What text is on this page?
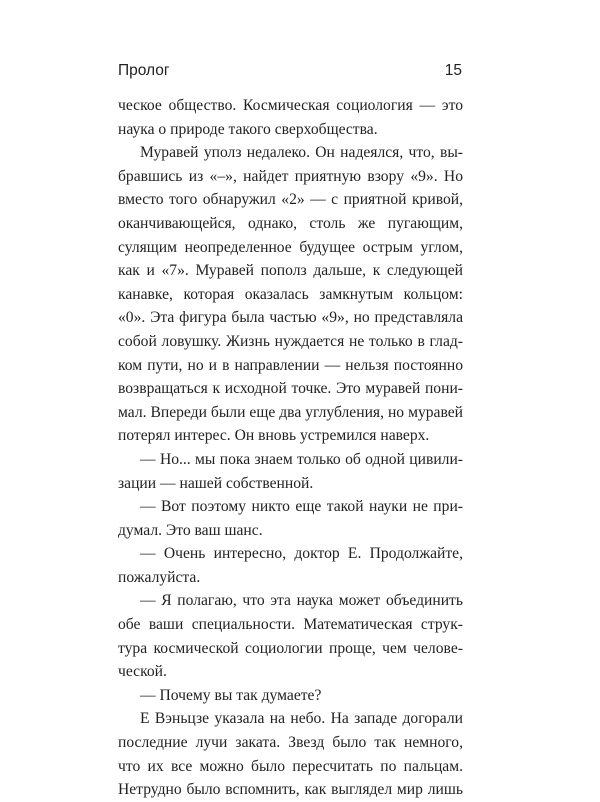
Пролог	15
ческое общество. Космическая социология — это
наука о природе такого сверхобщества.
Муравей уполз недалеко. Он надеялся, что, вы-
бравшись из «–», найдет приятную взору «9». Но
вместо того обнаружил «2» — с приятной кривой,
оканчивающейся, однако, столь же пугающим,
сулящим неопределенное будущее острым углом,
как и «7». Муравей пополз дальше, к следующей
канавке, которая оказалась замкнутым кольцом:
«0». Эта фигура была частью «9», но представляла
собой ловушку. Жизнь нуждается не только в глад-
ком пути, но и в направлении — нельзя постоянно
возвращаться к исходной точке. Это муравей пони-
мал. Впереди были еще два углубления, но муравей
потерял интерес. Он вновь устремился наверх.
— Но... мы пока знаем только об одной цивили-
зации — нашей собственной.
— Вот поэтому никто еще такой науки не при-
думал. Это ваш шанс.
— Очень интересно, доктор Е. Продолжайте,
пожалуйста.
— Я полагаю, что эта наука может объединить
обе ваши специальности. Математическая струк-
тура космической социологии проще, чем человe-
ческой.
— Почему вы так думаете?
Е Вэньцзе указала на небо. На западе догорали
последние лучи заката. Звезд было так немного,
что их все можно было пересчитать по пальцам.
Нетрудно было вспомнить, как выглядел мир лишь
